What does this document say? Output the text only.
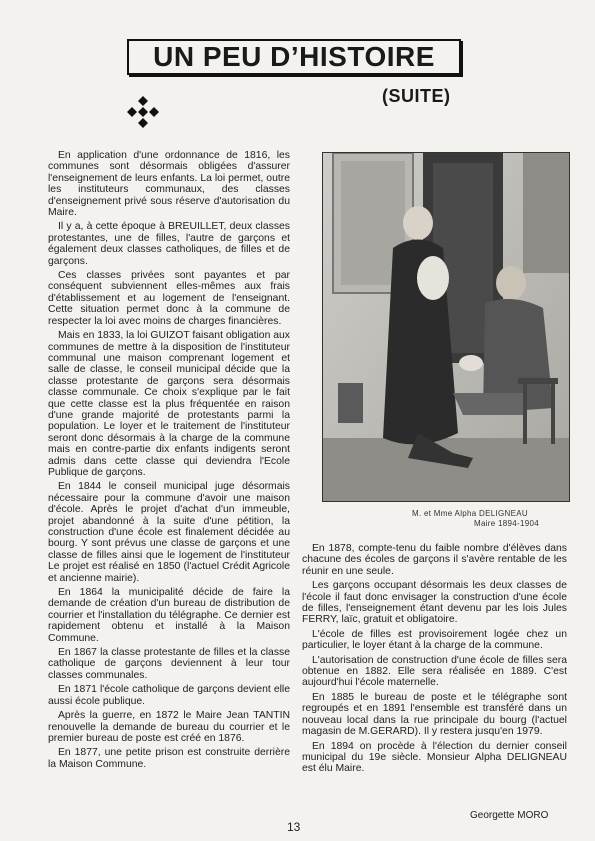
UN PEU D’HISTOIRE
(SUITE)

En application d'une ordonnance de 1816, les communes sont désormais obligées d'assurer l'enseignement de leurs enfants. La loi permet, outre les instituteurs communaux, des classes d'enseignement privé sous réserve d'autorisation du Maire.

Il y a, à cette époque à BREUILLET, deux classes protestantes, une de filles, l'autre de garçons et également deux classes catholiques, de filles et de garçons.

Ces classes privées sont payantes et par conséquent subviennent elles-mêmes aux frais d'établissement et au logement de l'enseignant. Cette situation permet donc à la commune de respecter la loi avec moins de charges financières.

Mais en 1833, la loi GUIZOT faisant obligation aux communes de mettre à la disposition de l'instituteur communal une maison comprenant logement et salle de classe, le conseil municipal décide que la classe protestante de garçons sera désormais classe communale. Ce choix s'explique par le fait que cette classe est la plus fréquentée en raison d'une grande majorité de protestants parmi la population. Le loyer et le traitement de l'instituteur seront donc désormais à la charge de la commune mais en contre-partie dix enfants indigents seront admis dans cette classe qui deviendra l'Ecole Publique de garçons.

En 1844 le conseil municipal juge désormais nécessaire pour la commune d'avoir une maison d'école. Après le projet d'achat d'un immeuble, projet abandonné à la suite d'une pétition, la construction d'une école est finalement décidée au bourg. Y sont prévus une classe de garçons et une classe de filles ainsi que le logement de l'instituteur Le projet est réalisé en 1850 (l'actuel Crédit Agricole et ancienne mairie).

En 1864 la municipalité décide de faire la demande de création d'un bureau de distribution de courrier et l'installation du télégraphe. Ce dernier est rapidement obtenu et installé à la Maison Commune.

En 1867 la classe protestante de filles et la classe catholique de garçons deviennent à leur tour classes communales.

En 1871 l'école catholique de garçons devient elle aussi école publique.

Après la guerre, en 1872 le Maire Jean TANTIN renouvelle la demande de bureau du courrier et le premier bureau de poste est créé en 1876.

En 1877, une petite prison est construite derrière la Maison Commune.

M. et Mme Alpha DELIGNEAU
Maire 1894-1904

En 1878, compte-tenu du faible nombre d'élèves dans chacune des écoles de garçons il s'avère rentable de les réunir en une seule.

Les garçons occupant désormais les deux classes de l'école il faut donc envisager la construction d'une école de filles, l'enseignement étant devenu par les lois Jules FERRY, laïc, gratuit et obligatoire.

L'école de filles est provisoirement logée chez un particulier, le loyer étant à la charge de la commune.

L'autorisation de construction d'une école de filles sera obtenue en 1882. Elle sera réalisée en 1889. C'est aujourd'hui l'école maternelle.

En 1885 le bureau de poste et le télégraphe sont regroupés et en 1891 l'ensemble est transféré dans un nouveau local dans la rue principale du bourg (l'actuel magasin de M.GERARD). Il y restera jusqu'en 1979.

En 1894 on procède à l'élection du dernier conseil municipal du 19e siècle. Monsieur Alpha DELIGNEAU est élu Maire.

Georgette MORO
13
